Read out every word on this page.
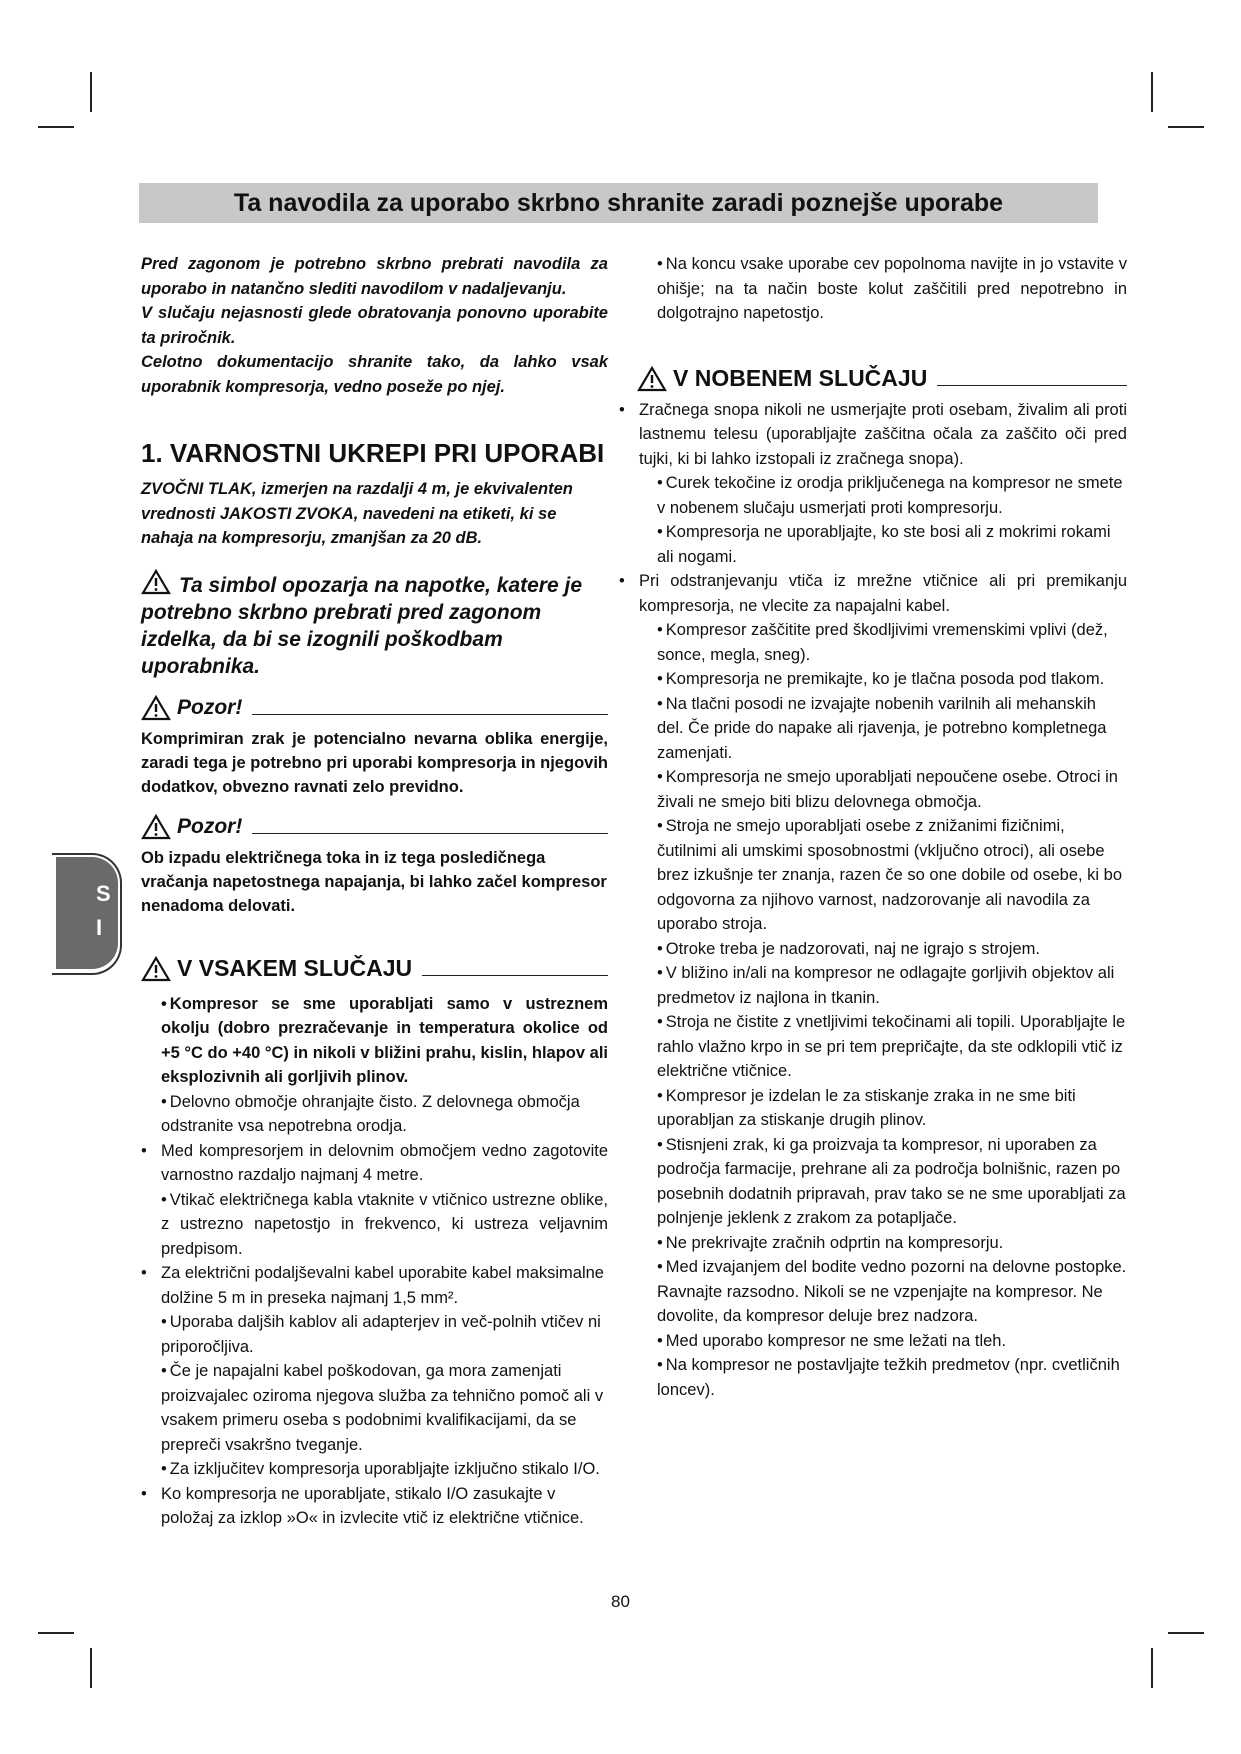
Ta navodila za uporabo skrbno shranite zaradi poznejše uporabe
S
I

Pred zagonom je potrebno skrbno prebrati navodila za uporabo in natančno slediti navodilom v nadaljevanju.

V slučaju nejasnosti glede obratovanja ponovno uporabite ta priročnik.

Celotno dokumentacijo shranite tako, da lahko vsak uporabnik kompresorja, vedno poseže po njej.

1. VARNOSTNI UKREPI PRI UPORABI

ZVOČNI TLAK, izmerjen na razdalji 4 m, je ekvivalenten vrednosti JAKOSTI ZVOKA, navedeni na etiketi, ki se nahaja na kompresorju, zmanjšan za 20 dB.

Ta simbol opozarja na napotke, katere je potrebno skrbno prebrati pred zagonom izdelka, da bi se izognili poškodbam uporabnika.
Pozor!

Komprimiran zrak je potencialno nevarna oblika energije, zaradi tega je potrebno pri uporabi kompresorja in njegovih dodatkov, obvezno ravnati zelo previdno.

Pozor!

Ob izpadu električnega toka in iz tega posledičnega vračanja napetostnega napajanja, bi lahko začel kompresor nenadoma delovati.

V VSAKEM SLUČAJU

• Kompresor se sme uporabljati samo v ustreznem okolju (dobro prezračevanje in temperatura okolice od +5 °C do +40 °C) in nikoli v bližini prahu, kislin, hlapov ali eksplozivnih ali gorljivih plinov.

• Delovno območje ohranjajte čisto. Z delovnega območja odstranite vsa nepotrebna orodja.

• Med kompresorjem in delovnim območjem vedno zagotovite varnostno razdaljo najmanj 4 metre.

• Vtikač električnega kabla vtaknite v vtičnico ustrezne oblike, z ustrezno napetostjo in frekvenco, ki ustreza veljavnim predpisom.

• Za električni podaljševalni kabel uporabite kabel maksimalne dolžine 5 m in preseka najmanj 1,5 mm².

• Uporaba daljših kablov ali adapterjev in več-polnih vtičev ni priporočljiva.

• Če je napajalni kabel poškodovan, ga mora zamenjati proizvajalec oziroma njegova služba za tehnično pomoč ali v vsakem primeru oseba s podobnimi kvalifikacijami, da se prepreči vsakršno tveganje.

• Za izključitev kompresorja uporabljajte izključno stikalo I/O.

• Ko kompresorja ne uporabljate, stikalo I/O zasukajte v položaj za izklop »O« in izvlecite vtič iz električne vtičnice.

• Na koncu vsake uporabe cev popolnoma navijte in jo vstavite v ohišje; na ta način boste kolut zaščitili pred nepotrebno in dolgotrajno napetostjo.

V NOBENEM SLUČAJU

• Zračnega snopa nikoli ne usmerjajte proti osebam, živalim ali proti lastnemu telesu (uporabljajte zaščitna očala za zaščito oči pred tujki, ki bi lahko izstopali iz zračnega snopa).

• Curek tekočine iz orodja priključenega na kompresor ne smete v nobenem slučaju usmerjati proti kompresorju.

• Kompresorja ne uporabljajte, ko ste bosi ali z mokrimi rokami ali nogami.

• Pri odstranjevanju vtiča iz mrežne vtičnice ali pri premikanju kompresorja, ne vlecite za napajalni kabel.

• Kompresor zaščitite pred škodljivimi vremenskimi vplivi (dež, sonce, megla, sneg).

• Kompresorja ne premikajte, ko je tlačna posoda pod tlakom.

• Na tlačni posodi ne izvajajte nobenih varilnih ali mehanskih del. Če pride do napake ali rjavenja, je potrebno kompletnega zamenjati.

• Kompresorja ne smejo uporabljati nepoučene osebe. Otroci in živali ne smejo biti blizu delovnega območja.

• Stroja ne smejo uporabljati osebe z znižanimi fizičnimi, čutilnimi ali umskimi sposobnostmi (vključno otroci), ali osebe brez izkušnje ter znanja, razen če so one dobile od osebe, ki bo odgovorna za njihovo varnost, nadzorovanje ali navodila za uporabo stroja.

• Otroke treba je nadzorovati, naj ne igrajo s strojem.

• V bližino in/ali na kompresor ne odlagajte gorljivih objektov ali predmetov iz najlona in tkanin.

• Stroja ne čistite z vnetljivimi tekočinami ali topili. Uporabljajte le rahlo vlažno krpo in se pri tem prepričajte, da ste odklopili vtič iz električne vtičnice.

• Kompresor je izdelan le za stiskanje zraka in ne sme biti uporabljan za stiskanje drugih plinov.

• Stisnjeni zrak, ki ga proizvaja ta kompresor, ni uporaben za področja farmacije, prehrane ali za področja bolnišnic, razen po posebnih dodatnih pripravah, prav tako se ne sme uporabljati za polnjenje jeklenk z zrakom za potapljače.

• Ne prekrivajte zračnih odprtin na kompresorju.

• Med izvajanjem del bodite vedno pozorni na delovne postopke. Ravnajte razsodno. Nikoli se ne vzpenjajte na kompresor. Ne dovolite, da kompresor deluje brez nadzora.

• Med uporabo kompresor ne sme ležati na tleh.

• Na kompresor ne postavljajte težkih predmetov (npr. cvetličnih loncev).

80
